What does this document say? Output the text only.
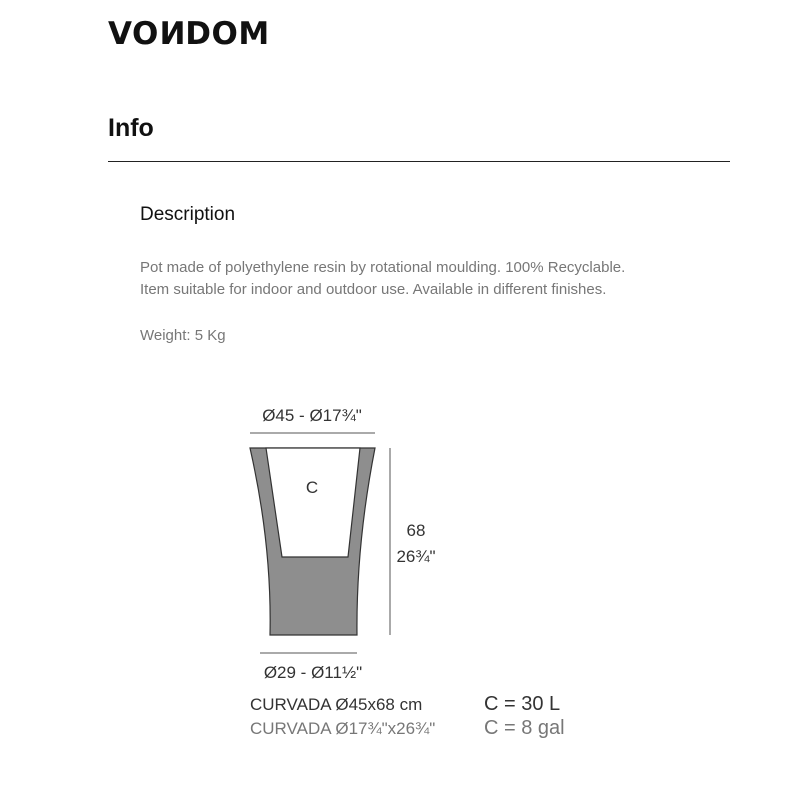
VONDOM
Info
Description

Pot made of polyethylene resin by rotational moulding. 100% Recyclable.
Item suitable for indoor and outdoor use. Available in different finishes.

Weight: 5 Kg

Ø45 - Ø17¾"
C
68
26¾"
Ø29 - Ø11½"
CURVADA Ø45x68 cm	C = 30 L
CURVADA Ø17¾"x26¾" C = 8 gal
